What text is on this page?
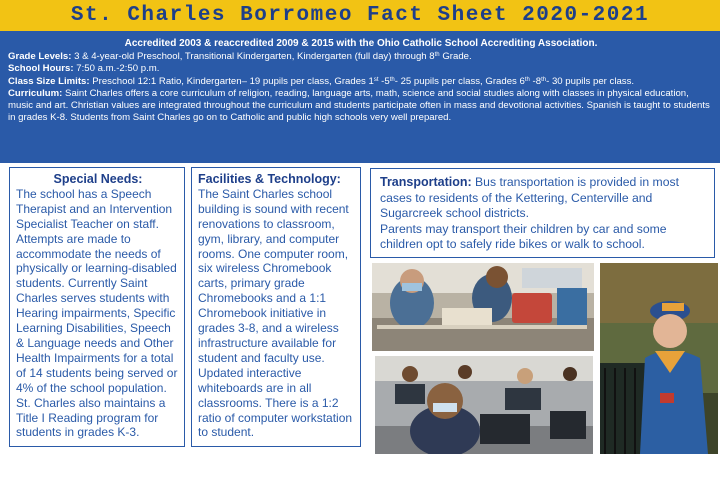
St. Charles Borromeo Fact Sheet 2020-2021
Accredited 2003 & reaccredited 2009 & 2015 with the Ohio Catholic School Accrediting Association.
Grade Levels: 3 & 4-year-old Preschool, Transitional Kindergarten, Kindergarten (full day) through 8th Grade.
School Hours: 7:50 a.m.-2:50 p.m.
Class Size Limits: Preschool 12:1 Ratio, Kindergarten– 19 pupils per class, Grades 1st -5th- 25 pupils per class, Grades 6th -8th- 30 pupils per class.
Curriculum: Saint Charles offers a core curriculum of religion, reading, language arts, math, science and social studies along with classes in physical education, music and art. Christian values are integrated throughout the curriculum and students participate often in mass and devotional activities. Spanish is taught to students in grades K-8. Students from Saint Charles go on to Catholic and public high schools very well prepared.
Special Needs:
The school has a Speech Therapist and an Intervention Specialist Teacher on staff. Attempts are made to accommodate the needs of physically or learning-disabled students. Currently Saint Charles serves students with Hearing impairments, Specific Learning Disabilities, Speech & Language needs and Other Health Impairments for a total of 14 students being served or 4% of the school population. St. Charles also maintains a Title I Reading program for students in grades K-3.
Facilities & Technology:
The Saint Charles school building is sound with recent renovations to classroom, gym, library, and computer rooms. One computer room, six wireless Chromebook carts, primary grade Chromebooks and a 1:1 Chromebook initiative in grades 3-8, and a wireless infrastructure available for student and faculty use. Updated interactive whiteboards are in all classrooms. There is a 1:2 ratio of computer workstation to student.
Transportation: Bus transportation is provided in most cases to residents of the Kettering, Centerville and Sugarcreek school districts.
Parents may transport their children by car and some children opt to safely ride bikes or walk to school.
